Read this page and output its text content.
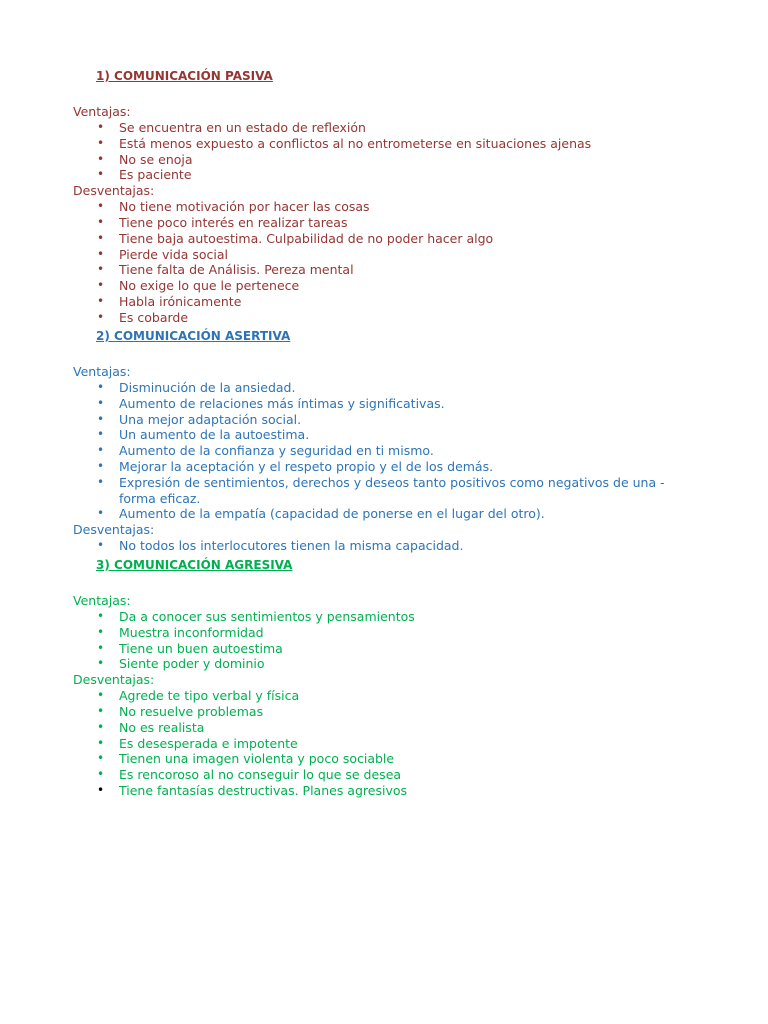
1) COMUNICACIÓN PASIVA
Ventajas:
• Se encuentra en un estado de reflexión
• Está menos expuesto a conflictos al no entrometerse en situaciones ajenas
• No se enoja
• Es paciente
Desventajas:
• No tiene motivación por hacer las cosas
• Tiene poco interés en realizar tareas
• Tiene baja autoestima. Culpabilidad de no poder hacer algo
• Pierde vida social
• Tiene falta de Análisis. Pereza mental
• No exige lo que le pertenece
• Habla irónicamente
• Es cobarde
2) COMUNICACIÓN ASERTIVA
Ventajas:
• Disminución de la ansiedad.
• Aumento de relaciones más íntimas y significativas.
• Una mejor adaptación social.
• Un aumento de la autoestima.
• Aumento de la confianza y seguridad en ti mismo.
• Mejorar la aceptación y el respeto propio y el de los demás.
• Expresión de sentimientos, derechos y deseos tanto positivos como negativos de una -forma eficaz.
• Aumento de la empatía (capacidad de ponerse en el lugar del otro).
Desventajas:
• No todos los interlocutores tienen la misma capacidad.
3) COMUNICACIÓN AGRESIVA
Ventajas:
• Da a conocer sus sentimientos y pensamientos
• Muestra inconformidad
• Tiene un buen autoestima
• Siente poder y dominio
Desventajas:
• Agrede te tipo verbal y física
• No resuelve problemas
• No es realista
• Es desesperada e impotente
• Tienen una imagen violenta y poco sociable
• Es rencoroso al no conseguir lo que se desea
• Tiene fantasías destructivas. Planes agresivos
